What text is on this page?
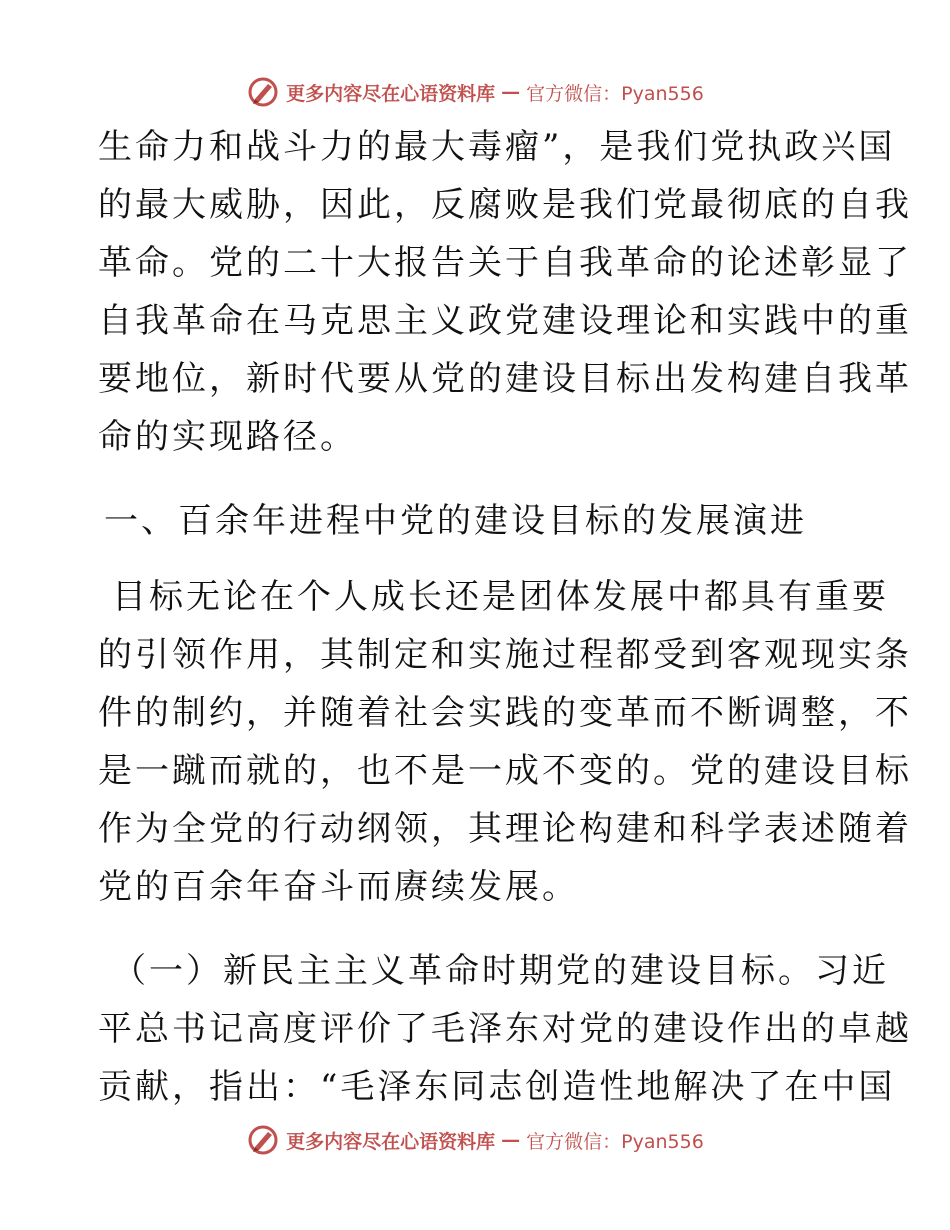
更多内容尽在心语资料库 — 官方微信：Pyan556
生命力和战斗力的最大毒瘤”，是我们党执政兴国
的最大威胁，因此，反腐败是我们党最彻底的自我
革命。党的二十大报告关于自我革命的论述彰显了
自我革命在马克思主义政党建设理论和实践中的重
要地位，新时代要从党的建设目标出发构建自我革
命的实现路径。
一、百余年进程中党的建设目标的发展演进
目标无论在个人成长还是团体发展中都具有重要
的引领作用，其制定和实施过程都受到客观现实条
件的制约，并随着社会实践的变革而不断调整，不
是一蹴而就的，也不是一成不变的。党的建设目标
作为全党的行动纲领，其理论构建和科学表述随着
党的百余年奋斗而赓续发展。
（一）新民主主义革命时期党的建设目标。习近
平总书记高度评价了毛泽东对党的建设作出的卓越
贡献，指出：“毛泽东同志创造性地解决了在中国
更多内容尽在心语资料库 — 官方微信：Pyan556
